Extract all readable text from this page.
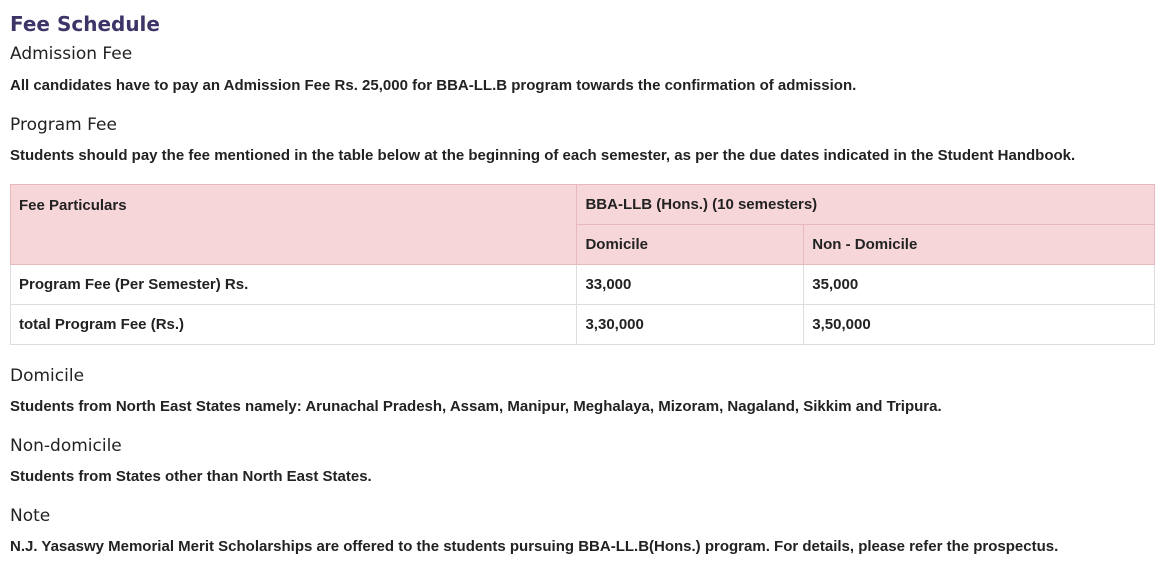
Fee Schedule
Admission Fee

All candidates have to pay an Admission Fee Rs. 25,000 for BBA-LL.B program towards the confirmation of admission.

Program Fee

Students should pay the fee mentioned in the table below at the beginning of each semester, as per the due dates indicated in the Student Handbook.

Fee Particulars	BBA-LLB (Hons.) (10 semesters)	
	Domicile	Non - Domicile
Program Fee (Per Semester) Rs.	33,000	35,000
total Program Fee (Rs.)	3,30,000	3,50,000
Domicile

Students from North East States namely: Arunachal Pradesh, Assam, Manipur, Meghalaya, Mizoram, Nagaland, Sikkim and Tripura.

Non-domicile

Students from States other than North East States.

Note

N.J. Yasaswy Memorial Merit Scholarships are offered to the students pursuing BBA-LL.B(Hons.) program. For details, please refer the prospectus.
